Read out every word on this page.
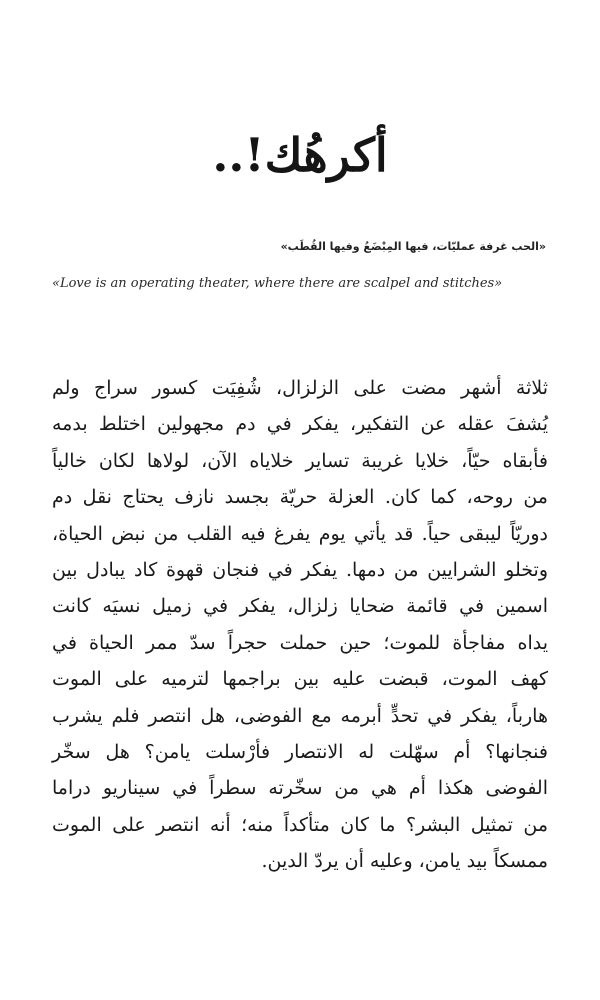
أكرهُك!..
«الحب غرفة عمليّات، فيها المِبْضَعُ وفيها القُطَب»
«Love is an operating theater, where there are scalpel and stitches»
ثلاثة أشهر مضت على الزلزال، شُفِيَت كسور سراج ولم
يُشفَ عقله عن التفكير، يفكر في دم مجهولين اختلط بدمه
فأبقاه حيّاً، خلايا غريبة تساير خلاياه الآن، لولاها لكان خالياً
من روحه، كما كان. العزلة حريّة بجسد نازف يحتاج نقل دم
دوريّاً ليبقى حياً. قد يأتي يوم يفرغ فيه القلب من نبض الحياة،
وتخلو الشرايين من دمها. يفكر في فنجان قهوة كاد يبادل بين
اسمين في قائمة ضحايا زلزال، يفكر في زميل نسيَه كانت
يداه مفاجأة للموت؛ حين حملت حجراً سدّ ممر الحياة في
كهف الموت، قبضت عليه بين براجمها لترميه على الموت
هارباً، يفكر في تحدٍّ أبرمه مع الفوضى، هل انتصر فلم يشرب
فنجانها؟ أم سهّلت له الانتصار فأرْسلت يامن؟ هل سخّر
الفوضى هكذا أم هي من سخّرته سطراً في سيناريو دراما
من تمثيل البشر؟ ما كان متأكداً منه؛ أنه انتصر على الموت
ممسكاً بيد يامن، وعليه أن يردّ الدين.
